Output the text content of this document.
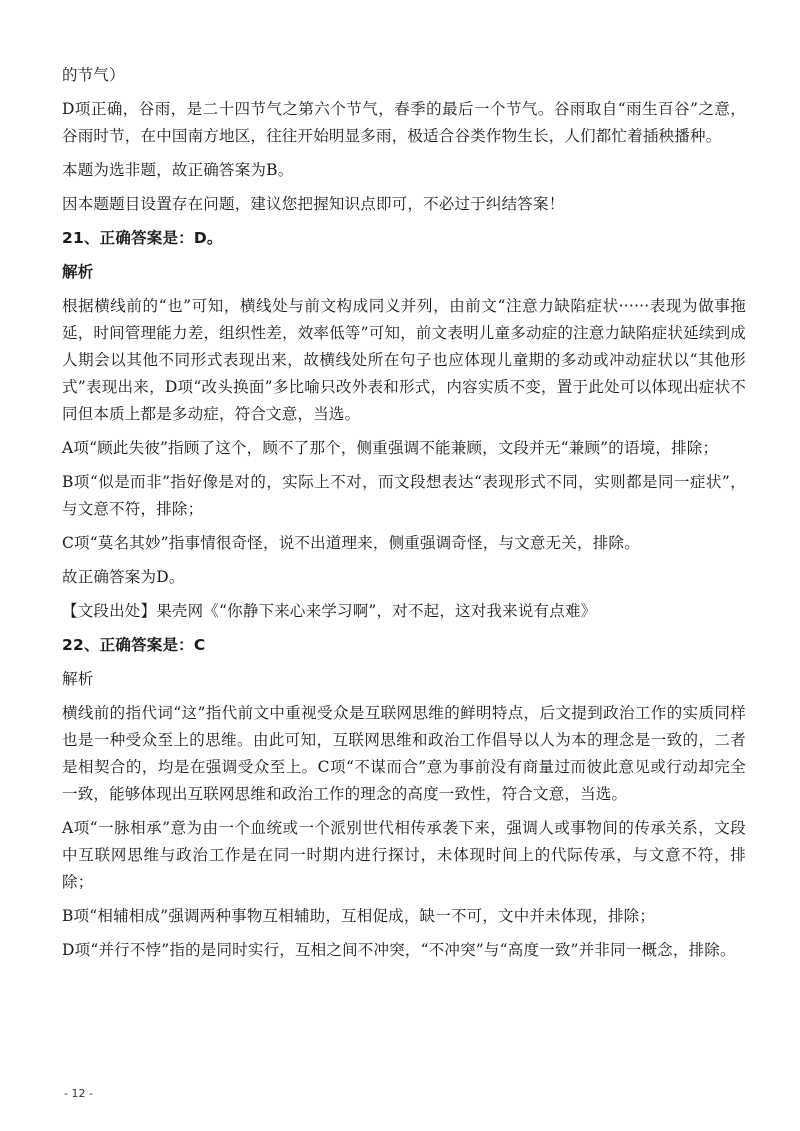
的节气）

D项正确，谷雨，是二十四节气之第六个节气，春季的最后一个节气。谷雨取自“雨生百谷”之意，谷雨时节，在中国南方地区，往往开始明显多雨，极适合谷类作物生长，人们都忙着插秧播种。

本题为选非题，故正确答案为B。

因本题题目设置存在问题，建议您把握知识点即可，不必过于纠结答案！

21、正确答案是：D。

解析

根据横线前的“也”可知，横线处与前文构成同义并列，由前文“注意力缺陷症状······表现为做事拖延，时间管理能力差，组织性差，效率低等”可知，前文表明儿童多动症的注意力缺陷症状延续到成人期会以其他不同形式表现出来，故横线处所在句子也应体现儿童期的多动或冲动症状以“其他形式”表现出来，D项“改头换面”多比喻只改外表和形式，内容实质不变，置于此处可以体现出症状不同但本质上都是多动症，符合文意，当选。

A项“顾此失彼”指顾了这个，顾不了那个，侧重强调不能兼顾，文段并无“兼顾”的语境，排除；

B项“似是而非”指好像是对的，实际上不对，而文段想表达“表现形式不同，实则都是同一症状”，与文意不符，排除；

C项“莫名其妙”指事情很奇怪，说不出道理来，侧重强调奇怪，与文意无关，排除。

故正确答案为D。

【文段出处】果壳网《“你静下来心来学习啊”，对不起，这对我来说有点难》

22、正确答案是：C

解析

横线前的指代词“这”指代前文中重视受众是互联网思维的鲜明特点，后文提到政治工作的实质同样也是一种受众至上的思维。由此可知，互联网思维和政治工作倡导以人为本的理念是一致的，二者是相契合的，均是在强调受众至上。C项“不谋而合”意为事前没有商量过而彼此意见或行动却完全一致，能够体现出互联网思维和政治工作的理念的高度一致性，符合文意，当选。

A项“一脉相承”意为由一个血统或一个派别世代相传承袭下来，强调人或事物间的传承关系，文段中互联网思维与政治工作是在同一时期内进行探讨，未体现时间上的代际传承，与文意不符，排除；

B项“相辅相成”强调两种事物互相辅助，互相促成，缺一不可，文中并未体现，排除；

D项“并行不悖”指的是同时实行，互相之间不冲突，“不冲突”与“高度一致”并非同一概念，排除。

- 12 -
